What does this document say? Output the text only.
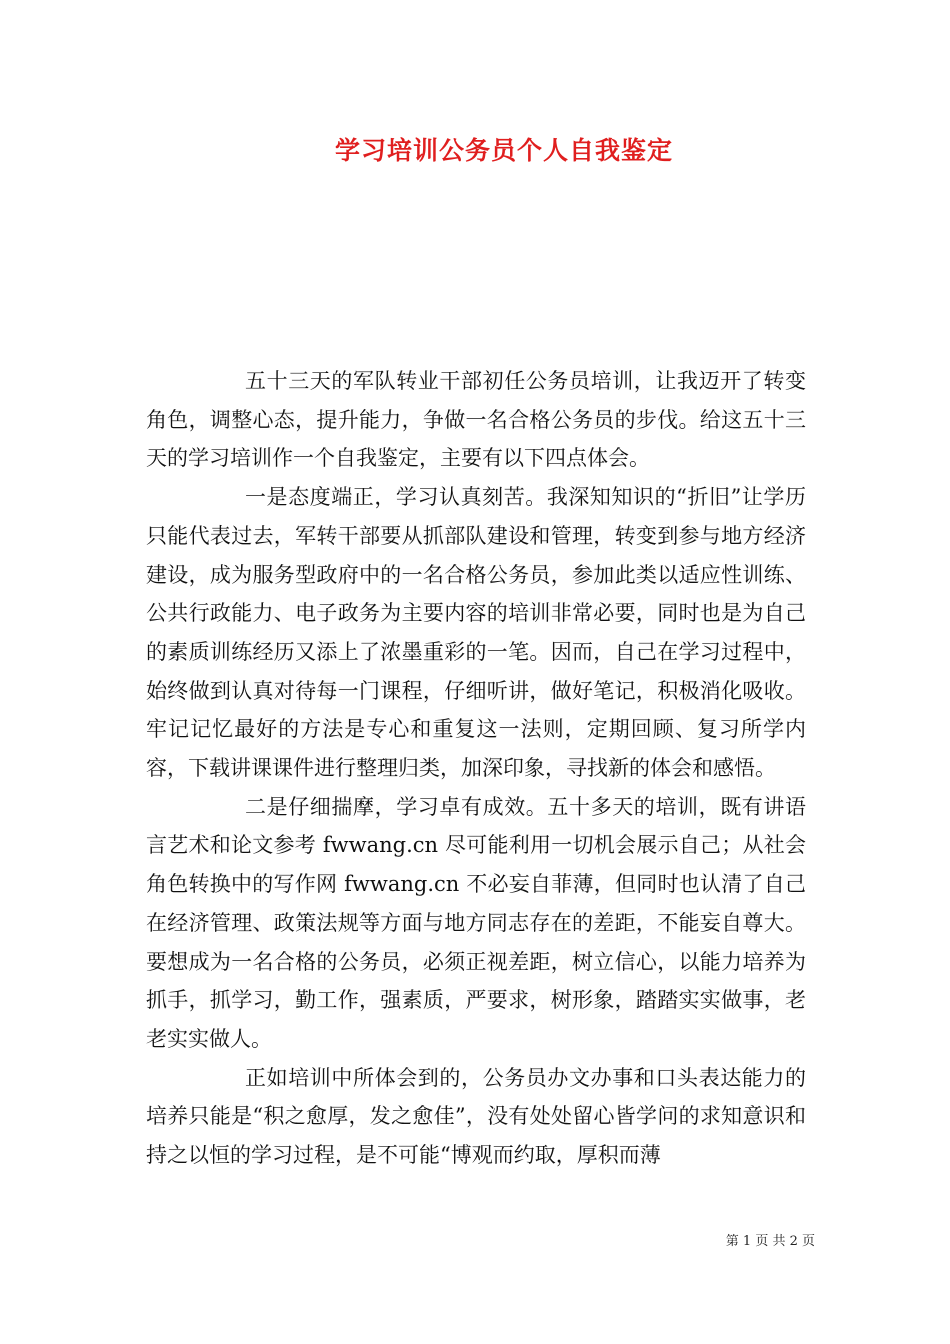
学习培训公务员个人自我鉴定

五十三天的军队转业干部初任公务员培训，让我迈开了转变角色，调整心态，提升能力，争做一名合格公务员的步伐。给这五十三天的学习培训作一个自我鉴定，主要有以下四点体会。

一是态度端正，学习认真刻苦。我深知知识的“折旧”让学历只能代表过去，军转干部要从抓部队建设和管理，转变到参与地方经济建设，成为服务型政府中的一名合格公务员，参加此类以适应性训练、公共行政能力、电子政务为主要内容的培训非常必要，同时也是为自己的素质训练经历又添上了浓墨重彩的一笔。因而，自己在学习过程中，始终做到认真对待每一门课程，仔细听讲，做好笔记，积极消化吸收。牢记记忆最好的方法是专心和重复这一法则，定期回顾、复习所学内容，下载讲课课件进行整理归类，加深印象，寻找新的体会和感悟。

二是仔细揣摩，学习卓有成效。五十多天的培训，既有讲语言艺术和论文参考 fwwang.cn 尽可能利用一切机会展示自己；从社会角色转换中的写作网 fwwang.cn 不必妄自菲薄，但同时也认清了自己在经济管理、政策法规等方面与地方同志存在的差距，不能妄自尊大。要想成为一名合格的公务员，必须正视差距，树立信心，以能力培养为抓手，抓学习，勤工作，强素质，严要求，树形象，踏踏实实做事，老老实实做人。

正如培训中所体会到的，公务员办文办事和口头表达能力的培养只能是“积之愈厚，发之愈佳”，没有处处留心皆学问的求知意识和持之以恒的学习过程，是不可能“博观而约取，厚积而薄

第 1 页 共 2 页
